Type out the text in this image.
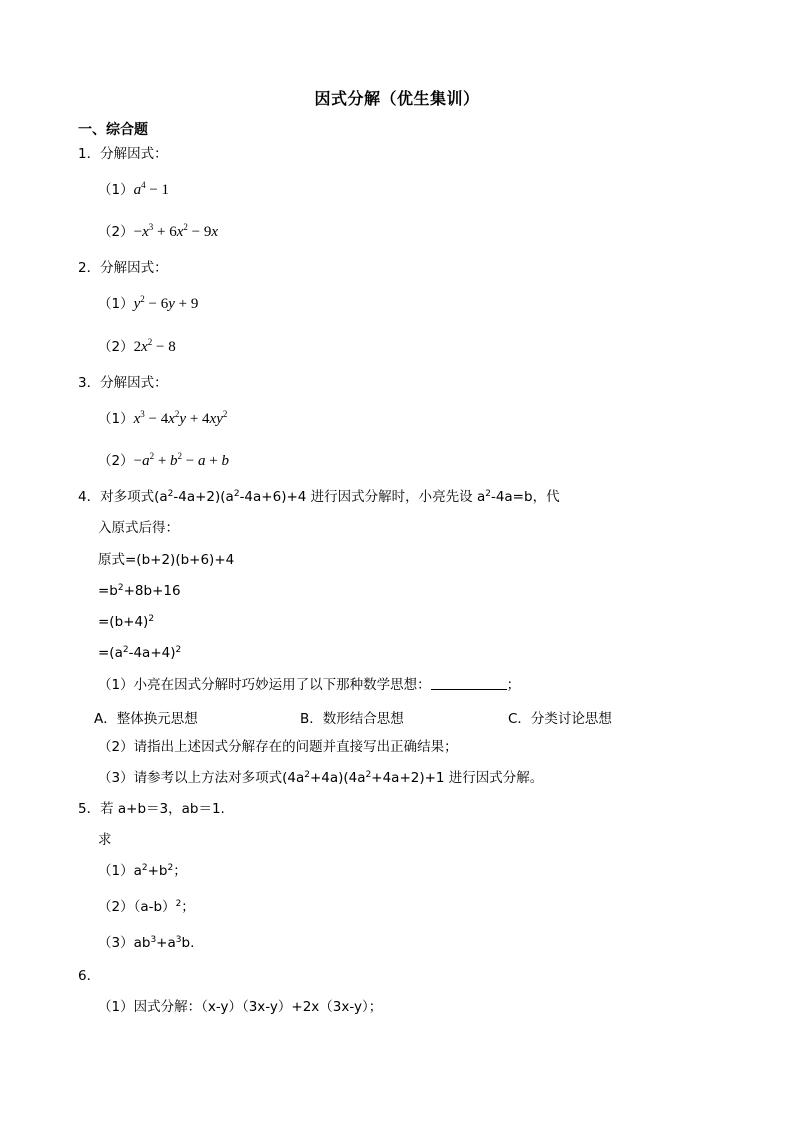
因式分解（优生集训）
一、综合题
1．分解因式：
$(1)a^4 - 1$
$(2)-x^3 + 6x^2 - 9x$
2．分解因式：
$(1)y^2 - 6y + 9$
$(2)2x^2 - 8$
3．分解因式：
$(1)x^3 - 4x^2y + 4xy^2$
$(2)-a^2 + b^2 - a + b$
4．对多项式$(a^2-4a+2)(a^2-4a+6)+4$ 进行因式分解时，小亮先设 $a^2-4a=b$，代
入原式后得：
原式=(b+2)(b+6)+4
$=b^2+8b+16$
$=(b+4)^2$
$=(a^2-4a+4)^2$
（1）小亮在因式分解时巧妙运用了以下那种数学思想：	；
A．整体换元思想	B．数形结合思想	C．分类讨论思想
（2）请指出上述因式分解存在的问题并直接写出正确结果；
（3）请参考以上方法对多项式$(4a^2+4a)(4a^2+4a+2)+1$ 进行因式分解。
5．若 a+b＝3，ab＝1.
求
$(1)a^2+b^2$；
$(2)(a-b)^2$；
$(3)ab^3+a^3b$.
6．
（1）因式分解：（x-y）（3x-y）+2x（3x-y）；
